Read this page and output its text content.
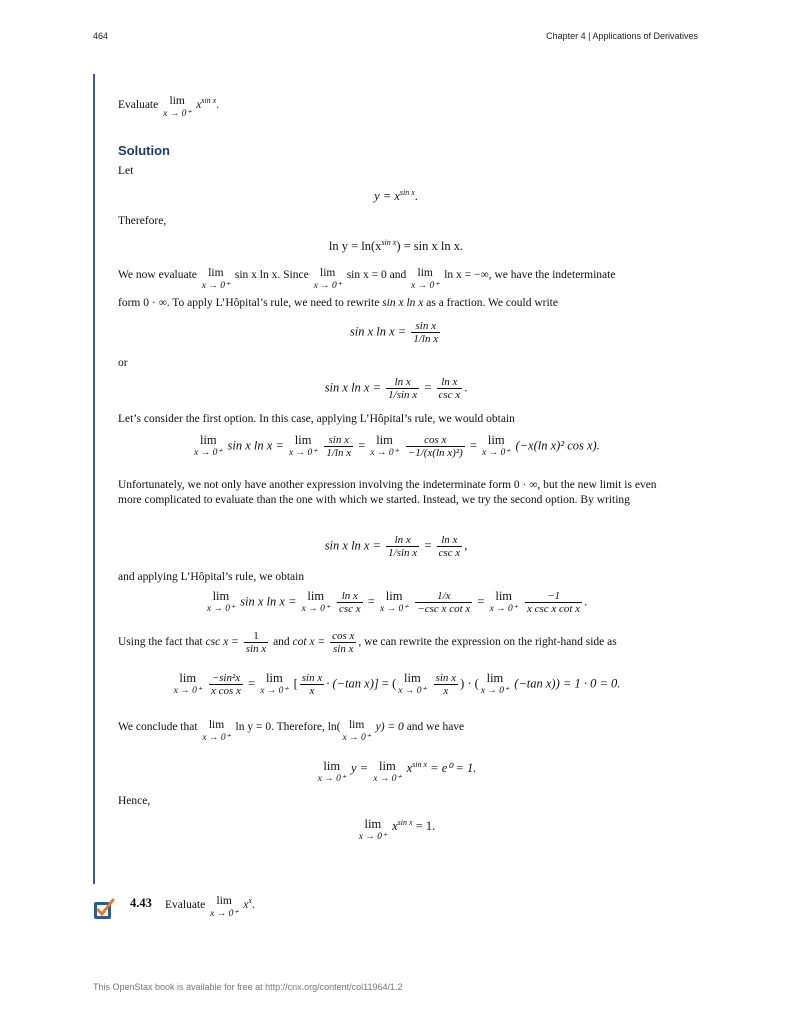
464	Chapter 4 | Applications of Derivatives
Evaluate lim
x → 0⁺
$x^{sin x}$.
Solution
Let
$y = x^{sin x}$.
Therefore,
$\ln y = \ln(x^{sin x}) = \sin x$ ln x.
We now evaluate lim
x → 0⁺
sin x ln x. Since lim
x → 0⁺
sin x = 0 and lim
x → 0⁺
ln x = −∞, we have the indeterminate
form 0 · ∞. To apply L’Hôpital’s rule, we need to rewrite sin x ln x as a fraction. We could write
sin x $\ln x = \frac{\text{sin x}}{\text{1/ln x}}$
or
sin x $\ln x = \frac{\text{ln x}}{\text{1/sin x}} = \frac{\text{ln x}}{\text{csc x}}$ .
Let’s consider the first option. In this case, applying L’Hôpital’s rule, we would obtain
lim
x → 0⁺
sin x ln x = lim
x → 0⁺
$\frac{\text{sin x}}{\text{1/ln x}} = \lim$
x → 0⁺
$\frac{\text{cos x}}{\text{−1/(x(ln x)²)}} = \lim$
x → 0⁺
(−x(ln x)² cos x).
Unfortunately, we not only have another expression involving the indeterminate form 0 · ∞, but the new limit is even more complicated to evaluate than the one with which we started. Instead, we try the second option. By writing
sin x $\ln x = \frac{\text{ln x}}{\text{1/sin x}} = \frac{\text{ln x}}{\text{csc x}}$ ,
and applying L’Hôpital’s rule, we obtain
lim
x → 0⁺
sin x ln x = lim
x → 0⁺
$\frac{\text{ln x}}{\text{csc x}} = \lim$
x → 0⁺
$\frac{1/x}{\text{−csc x cot x}} = \lim$
x → 0⁺
$\frac{-1}{\text{x csc x cot x}}$ .
Using the fact that $\csc x = \frac{1}{\text{sin x}}$ and $\cot x = \frac{\text{cos x}}{\text{sin x}}$ , we can rewrite the expression on the right-hand side as
lim
x → 0⁺
$\frac{\text{−sin²x}}{\text{x cos x}} = \lim$
x → 0⁺
[ $\frac{\text{sin x}}{x} \cdot (-\tan$ x)] = ( lim
x → 0⁺
$\frac{\text{sin x}}{x}$ ) · ( lim
x → 0⁺
(−tan x)) = 1 · 0 = 0.
We conclude that lim
x → 0⁺
ln y = 0. Therefore, ln( lim
x → 0⁺
y) = 0 and we have
lim
x → 0⁺
y = lim
x → 0⁺
$x^{sin x} = e^0 = 1$.
Hence,
lim
x → 0⁺
$x^{sin x} = 1$.
4.43 Evaluate lim
x → 0⁺
$x^x$.
This OpenStax book is available for free at http://cnx.org/content/col11964/1.2
